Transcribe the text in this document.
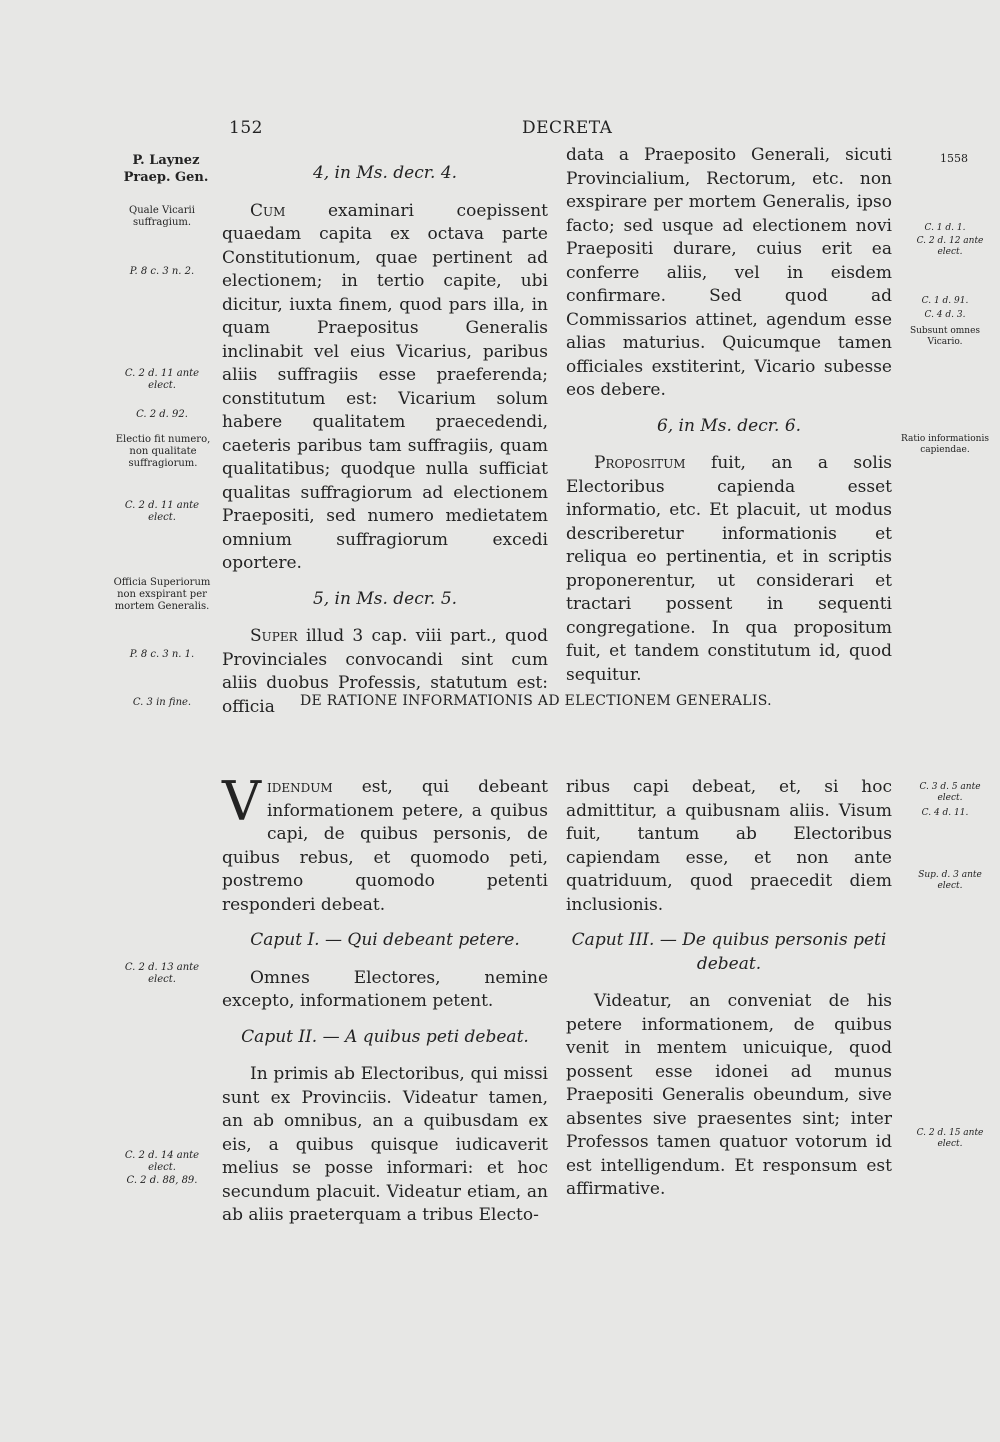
152	DECRETA
1558
P. Laynez
Praep. Gen.
Quale Vicarii suffragium.
P. 8 c. 3 n. 2.
C. 2 d. 11 ante elect.
C. 2 d. 92.
Electio fit numero, non qualitate suffragiorum.
C. 2 d. 11 ante elect.
Officia Superiorum non exspirant per mortem Generalis.
P. 8 c. 3 n. 1.
C. 3 in fine.
C. 2 d. 13 ante elect.
C. 2 d. 14 ante elect.
C. 2 d. 88, 89.
C. 1 d. 1.
C. 2 d. 12 ante elect.
C. 1 d. 91.
C. 4 d. 3.
Subsunt omnes Vicario.
Ratio informationis capiendae.
C. 3 d. 5 ante elect.
C. 4 d. 11.
Sup. d. 3 ante elect.
C. 2 d. 15 ante elect.
4, in Ms. decr. 4.

Cum examinari coepissent quaedam capita ex octava parte Constitutionum, quae pertinent ad electionem; in tertio capite, ubi dicitur, iuxta finem, quod pars illa, in quam Praepositus Generalis inclinabit vel eius Vicarius, paribus aliis suffragiis esse praeferenda; constitutum est: Vicarium solum habere qualitatem praecedendi, caeteris paribus tam suffragiis, quam qualitatibus; quodque nulla sufficiat qualitas suffragiorum ad electionem Praepositi, sed numero medietatem omnium suffragiorum excedi oportere.

5, in Ms. decr. 5.

Super illud 3 cap. viii part., quod Provinciales convocandi sint cum aliis duobus Professis, statutum est: officia

data a Praeposito Generali, sicuti Provincialium, Rectorum, etc. non exspirare per mortem Generalis, ipso facto; sed usque ad electionem novi Praepositi durare, cuius erit ea conferre aliis, vel in eisdem confirmare. Sed quod ad Commissarios attinet, agendum esse alias maturius. Quicumque tamen officiales exstiterint, Vicario subesse eos debere.

6, in Ms. decr. 6.

Propositum fuit, an a solis Electoribus capienda esset informatio, etc. Et placuit, ut modus describeretur informationis et reliqua eo pertinentia, et in scriptis proponerentur, ut considerari et tractari possent in sequenti congregatione. In qua propositum fuit, et tandem constitutum id, quod sequitur.

DE RATIONE INFORMATIONIS AD ELECTIONEM GENERALIS.

Videndum est, qui debeant informationem petere, a quibus capi, de quibus personis, de quibus rebus, et quomodo peti, postremo quomodo petenti responderi debeat.

Caput I. — Qui debeant petere.

Omnes Electores, nemine excepto, informationem petent.

Caput II. — A quibus peti debeat.

In primis ab Electoribus, qui missi sunt ex Provinciis. Videatur tamen, an ab omnibus, an a quibusdam ex eis, a quibus quisque iudicaverit melius se posse informari: et hoc secundum placuit. Videatur etiam, an ab aliis praeterquam a tribus Electo-

ribus capi debeat, et, si hoc admittitur, a quibusnam aliis. Visum fuit, tantum ab Electoribus capiendam esse, et non ante quatriduum, quod praecedit diem inclusionis.

Caput III. — De quibus personis peti debeat.

Videatur, an conveniat de his petere informationem, de quibus venit in mentem unicuique, quod possent esse idonei ad munus Praepositi Generalis obeundum, sive absentes sive praesentes sint; inter Professos tamen quatuor votorum id est intelligendum. Et responsum est affirmative.
